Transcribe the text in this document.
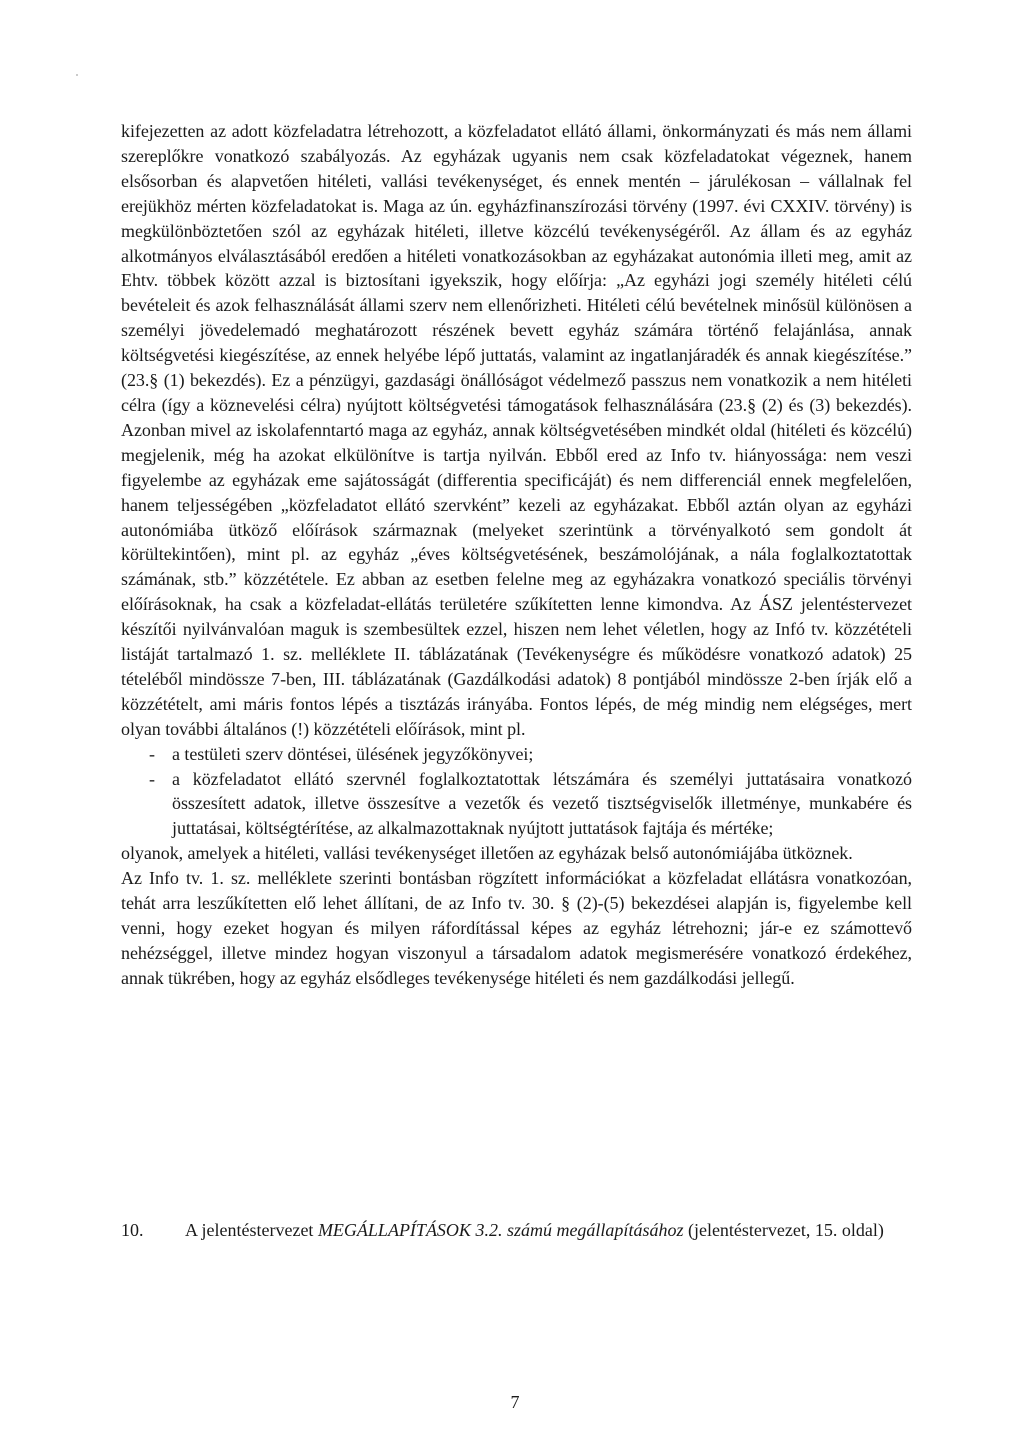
kifejezetten az adott közfeladatra létrehozott, a közfeladatot ellátó állami, önkormányzati és más nem állami szereplőkre vonatkozó szabályozás. Az egyházak ugyanis nem csak közfeladatokat végeznek, hanem elsősorban és alapvetően hitéleti, vallási tevékenységet, és ennek mentén – járulékosan – vállalnak fel erejükhöz mérten közfeladatokat is. Maga az ún. egyházfinanszírozási törvény (1997. évi CXXIV. törvény) is megkülönböztetően szól az egyházak hitéleti, illetve közcélú tevékenységéről. Az állam és az egyház alkotmányos elválasztásából eredően a hitéleti vonatkozásokban az egyházakat autonómia illeti meg, amit az Ehtv. többek között azzal is biztosítani igyekszik, hogy előírja: „Az egyházi jogi személy hitéleti célú bevételeit és azok felhasználását állami szerv nem ellenőrizheti. Hitéleti célú bevételnek minősül különösen a személyi jövedelemadó meghatározott részének bevett egyház számára történő felajánlása, annak költségvetési kiegészítése, az ennek helyébe lépő juttatás, valamint az ingatlanjáradék és annak kiegészítése.” (23.§ (1) bekezdés). Ez a pénzügyi, gazdasági önállóságot védelmező passzus nem vonatkozik a nem hitéleti célra (így a köznevelési célra) nyújtott költségvetési támogatások felhasználására (23.§ (2) és (3) bekezdés). Azonban mivel az iskolafenntartó maga az egyház, annak költségvetésében mindkét oldal (hitéleti és közcélú) megjelenik, még ha azokat elkülönítve is tartja nyilván. Ebből ered az Info tv. hiányossága: nem veszi figyelembe az egyházak eme sajátosságát (differentia specificáját) és nem differenciál ennek megfelelően, hanem teljességében „közfeladatot ellátó szervként” kezeli az egyházakat. Ebből aztán olyan az egyházi autonómiába ütköző előírások származnak (melyeket szerintünk a törvényalkotó sem gondolt át körültekintően), mint pl. az egyház „éves költségvetésének, beszámolójának, a nála foglalkoztatottak számának, stb.” közzététele. Ez abban az esetben felelne meg az egyházakra vonatkozó speciális törvényi előírásoknak, ha csak a közfeladat-ellátás területére szűkítetten lenne kimondva. Az ÁSZ jelentéstervezet készítői nyilvánvalóan maguk is szembesültek ezzel, hiszen nem lehet véletlen, hogy az Infó tv. közzétételi listáját tartalmazó 1. sz. melléklete II. táblázatának (Tevékenységre és működésre vonatkozó adatok) 25 tételéből mindössze 7-ben, III. táblázatának (Gazdálkodási adatok) 8 pontjából mindössze 2-ben írják elő a közzétételt, ami máris fontos lépés a tisztázás irányába. Fontos lépés, de még mindig nem elégséges, mert olyan további általános (!) közzétételi előírások, mint pl.

- a testületi szerv döntései, ülésének jegyzőkönyvei;
- a közfeladatot ellátó szervnél foglalkoztatottak létszámára és személyi juttatásaira vonatkozó összesített adatok, illetve összesítve a vezetők és vezető tisztségviselők illetménye, munkabére és juttatásai, költségtérítése, az alkalmazottaknak nyújtott juttatások fajtája és mértéke;

olyanok, amelyek a hitéleti, vallási tevékenységet illetően az egyházak belső autonómiájába ütköznek.

Az Info tv. 1. sz. melléklete szerinti bontásban rögzített információkat a közfeladat ellátásra vonatkozóan, tehát arra leszűkítetten elő lehet állítani, de az Info tv. 30. § (2)-(5) bekezdései alapján is, figyelembe kell venni, hogy ezeket hogyan és milyen ráfordítással képes az egyház létrehozni; jár-e ez számottevő nehézséggel, illetve mindez hogyan viszonyul a társadalom adatok megismerésére vonatkozó érdekéhez, annak tükrében, hogy az egyház elsődleges tevékenysége hitéleti és nem gazdálkodási jellegű.

10. A jelentéstervezet MEGÁLLAPÍTÁSOK 3.2. számú megállapításához (jelentéstervezet, 15. oldal)
7
